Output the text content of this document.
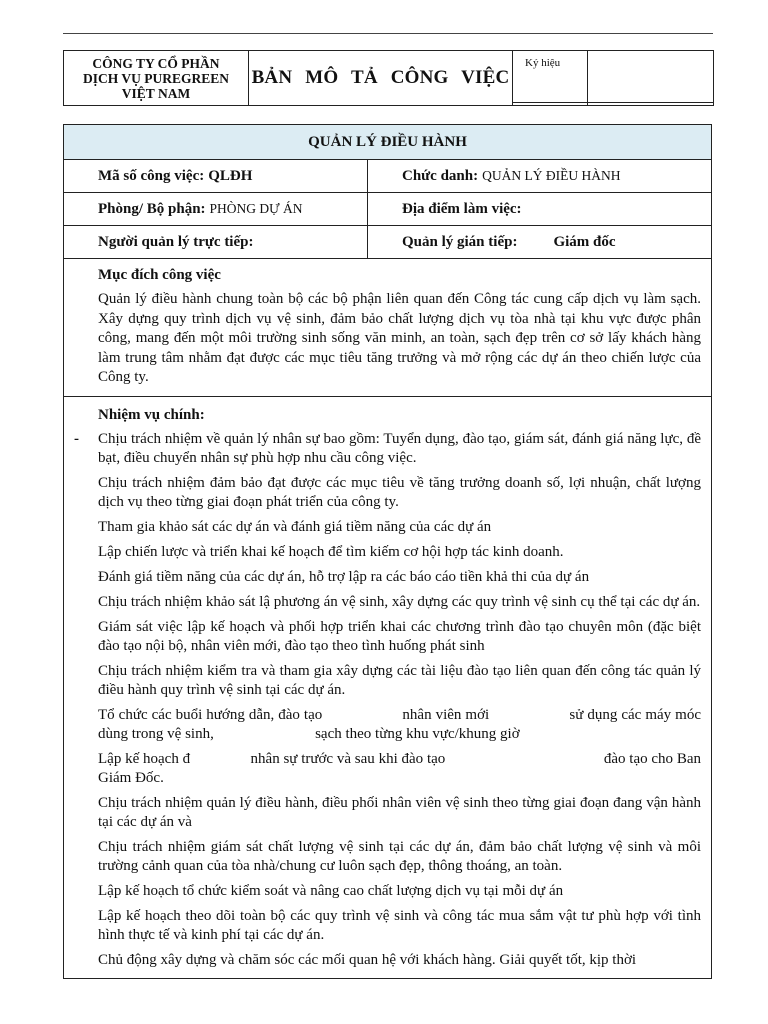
CÔNG TY CỔ PHẦN
DỊCH VỤ PUREGREEN
VIỆT NAM	BẢN MÔ TẢ CÔNG VIỆC	Ký hiệu	

QUẢN LÝ ĐIỀU HÀNH
Mã số công việc: QLĐH	Chức danh: QUẢN LÝ ĐIỀU HÀNH
Phòng/ Bộ phận: PHÒNG DỰ ÁN	Địa điểm làm việc:
Người quản lý trực tiếp:	Quản lý gián tiếp: Giám đốc
Mục đích công việc
Quản lý điều hành chung toàn bộ các bộ phận liên quan đến Công tác cung cấp dịch vụ làm sạch. Xây dựng quy trình dịch vụ vệ sinh, đảm bảo chất lượng dịch vụ tòa nhà tại khu vực được phân công, mang đến một môi trường sinh sống văn minh, an toàn, sạch đẹp trên cơ sở lấy khách hàng làm trung tâm nhằm đạt được các mục tiêu tăng trưởng và mở rộng các dự án theo chiến lược của Công ty.
Nhiệm vụ chính:
- Chịu trách nhiệm về quản lý nhân sự bao gồm: Tuyển dụng, đào tạo, giám sát, đánh giá năng lực, đề bạt, điều chuyển nhân sự phù hợp nhu cầu công việc.
Chịu trách nhiệm đảm bảo đạt được các mục tiêu về tăng trưởng doanh số, lợi nhuận, chất lượng dịch vụ theo từng giai đoạn phát triển của công ty.
Tham gia khảo sát các dự án và đánh giá tiềm năng của các dự án
Lập chiến lược và triển khai kế hoạch để tìm kiếm cơ hội hợp tác kinh doanh.
Đánh giá tiềm năng của các dự án, hỗ trợ lập ra các báo cáo tiền khả thi của dự án
Chịu trách nhiệm khảo sát lậ phương án vệ sinh, xây dựng các quy trình vệ sinh cụ thể tại các dự án.
Giám sát việc lập kế hoạch và phối hợp triển khai các chương trình đào tạo chuyên môn (đặc biệt đào tạo nội bộ, nhân viên mới, đào tạo theo tình huống phát sinh
Chịu trách nhiệm kiểm tra và tham gia xây dựng các tài liệu đào tạo liên quan đến công tác quản lý điều hành quy trình vệ sinh tại các dự án.
Tổ chức các buổi hướng dẫn, đào tạo                    nhân viên mới                    sử dụng các máy móc dùng trong vệ sinh,                           sạch theo từng khu vực/khung giờ
Lập kế hoạch đ                nhân sự trước và sau khi đào tạo                                          đào tạo cho Ban Giám Đốc.
Chịu trách nhiệm quản lý điều hành, điều phối nhân viên vệ sinh theo từng giai đoạn đang vận hành tại các dự án và
Chịu trách nhiệm giám sát chất lượng vệ sinh tại các dự án, đảm bảo chất lượng vệ sinh và môi trường cảnh quan của tòa nhà/chung cư luôn sạch đẹp, thông thoáng, an toàn.
Lập kế hoạch tổ chức kiểm soát và nâng cao chất lượng dịch vụ tại mỗi dự án
Lập kế hoạch theo dõi toàn bộ các quy trình vệ sinh và công tác mua sắm vật tư phù hợp với tình hình thực tế và kinh phí tại các dự án.
Chủ động xây dựng và chăm sóc các mối quan hệ với khách hàng. Giải quyết tốt, kịp thời
